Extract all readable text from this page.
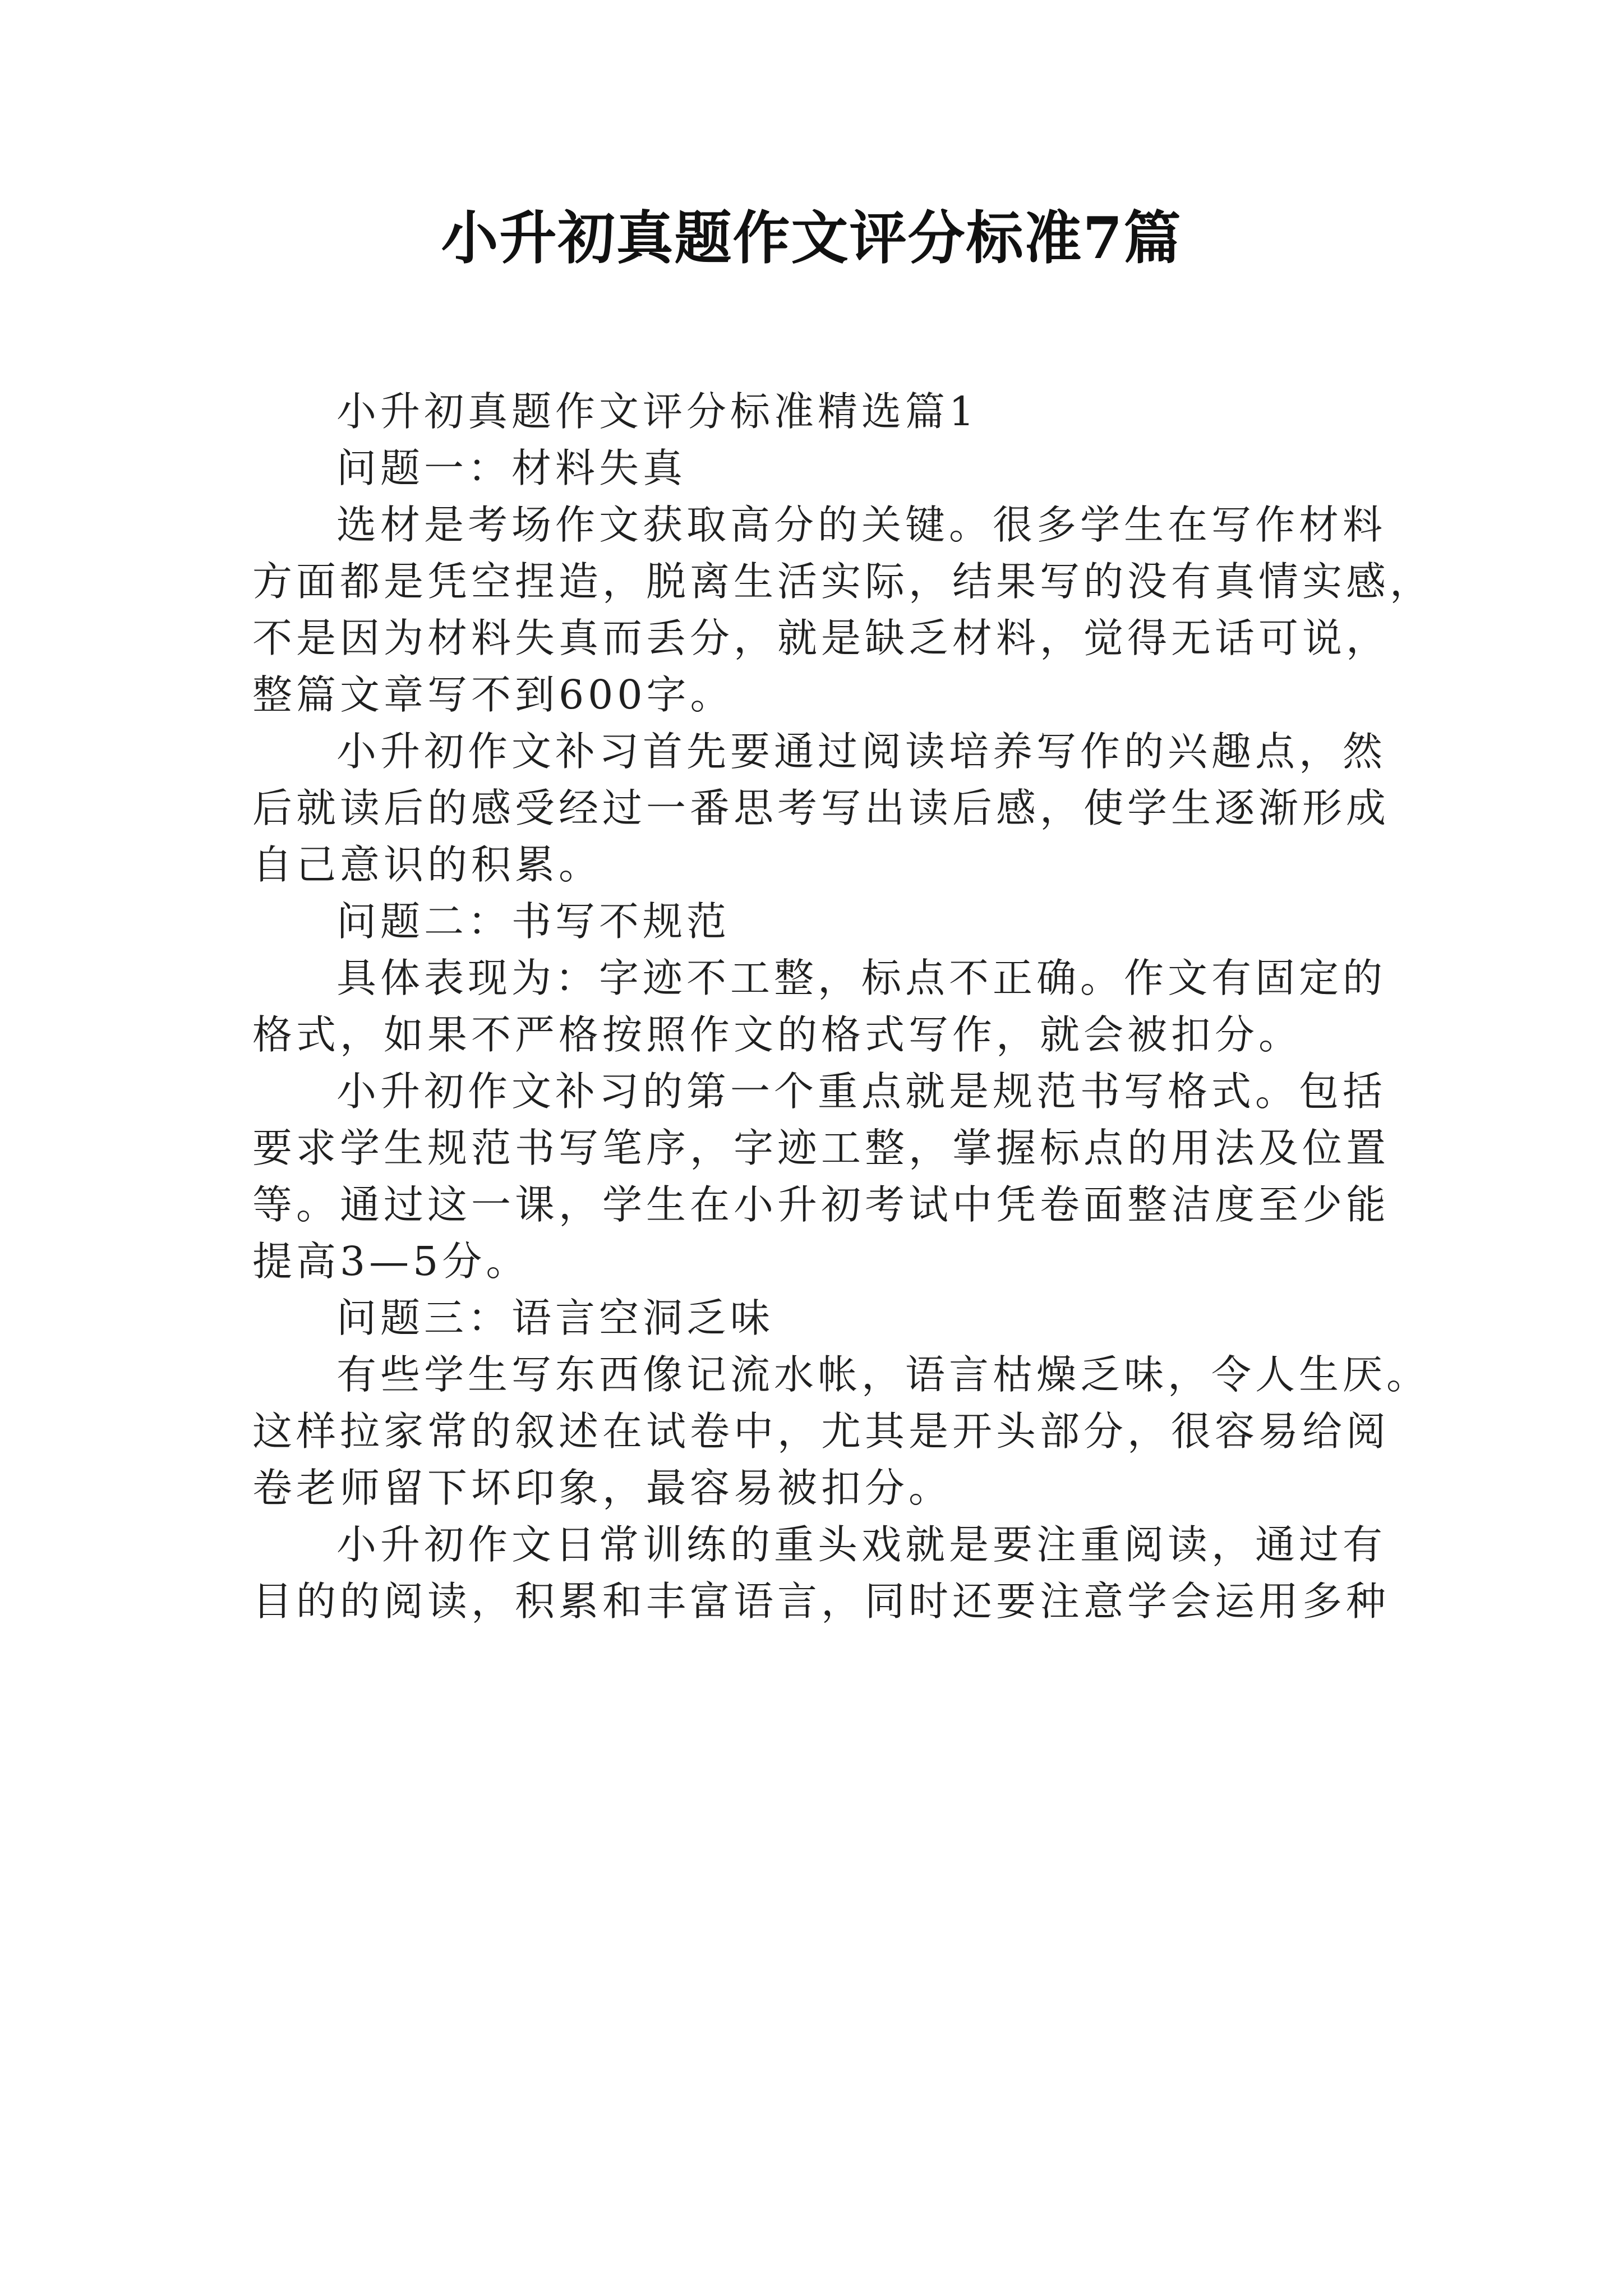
小升初真题作文评分标准7篇
小升初真题作文评分标准精选篇1
问题一：材料失真
选材是考场作文获取高分的关键。很多学生在写作材料
方面都是凭空捏造，脱离生活实际，结果写的没有真情实感，
不是因为材料失真而丢分，就是缺乏材料，觉得无话可说，
整篇文章写不到600字。
小升初作文补习首先要通过阅读培养写作的兴趣点，然
后就读后的感受经过一番思考写出读后感，使学生逐渐形成
自己意识的积累。
问题二：书写不规范
具体表现为：字迹不工整，标点不正确。作文有固定的
格式，如果不严格按照作文的格式写作，就会被扣分。
小升初作文补习的第一个重点就是规范书写格式。包括
要求学生规范书写笔序，字迹工整，掌握标点的用法及位置
等。通过这一课，学生在小升初考试中凭卷面整洁度至少能
提高3—5分。
问题三：语言空洞乏味
有些学生写东西像记流水帐，语言枯燥乏味，令人生厌。
这样拉家常的叙述在试卷中，尤其是开头部分，很容易给阅
卷老师留下坏印象，最容易被扣分。
小升初作文日常训练的重头戏就是要注重阅读，通过有
目的的阅读，积累和丰富语言，同时还要注意学会运用多种
